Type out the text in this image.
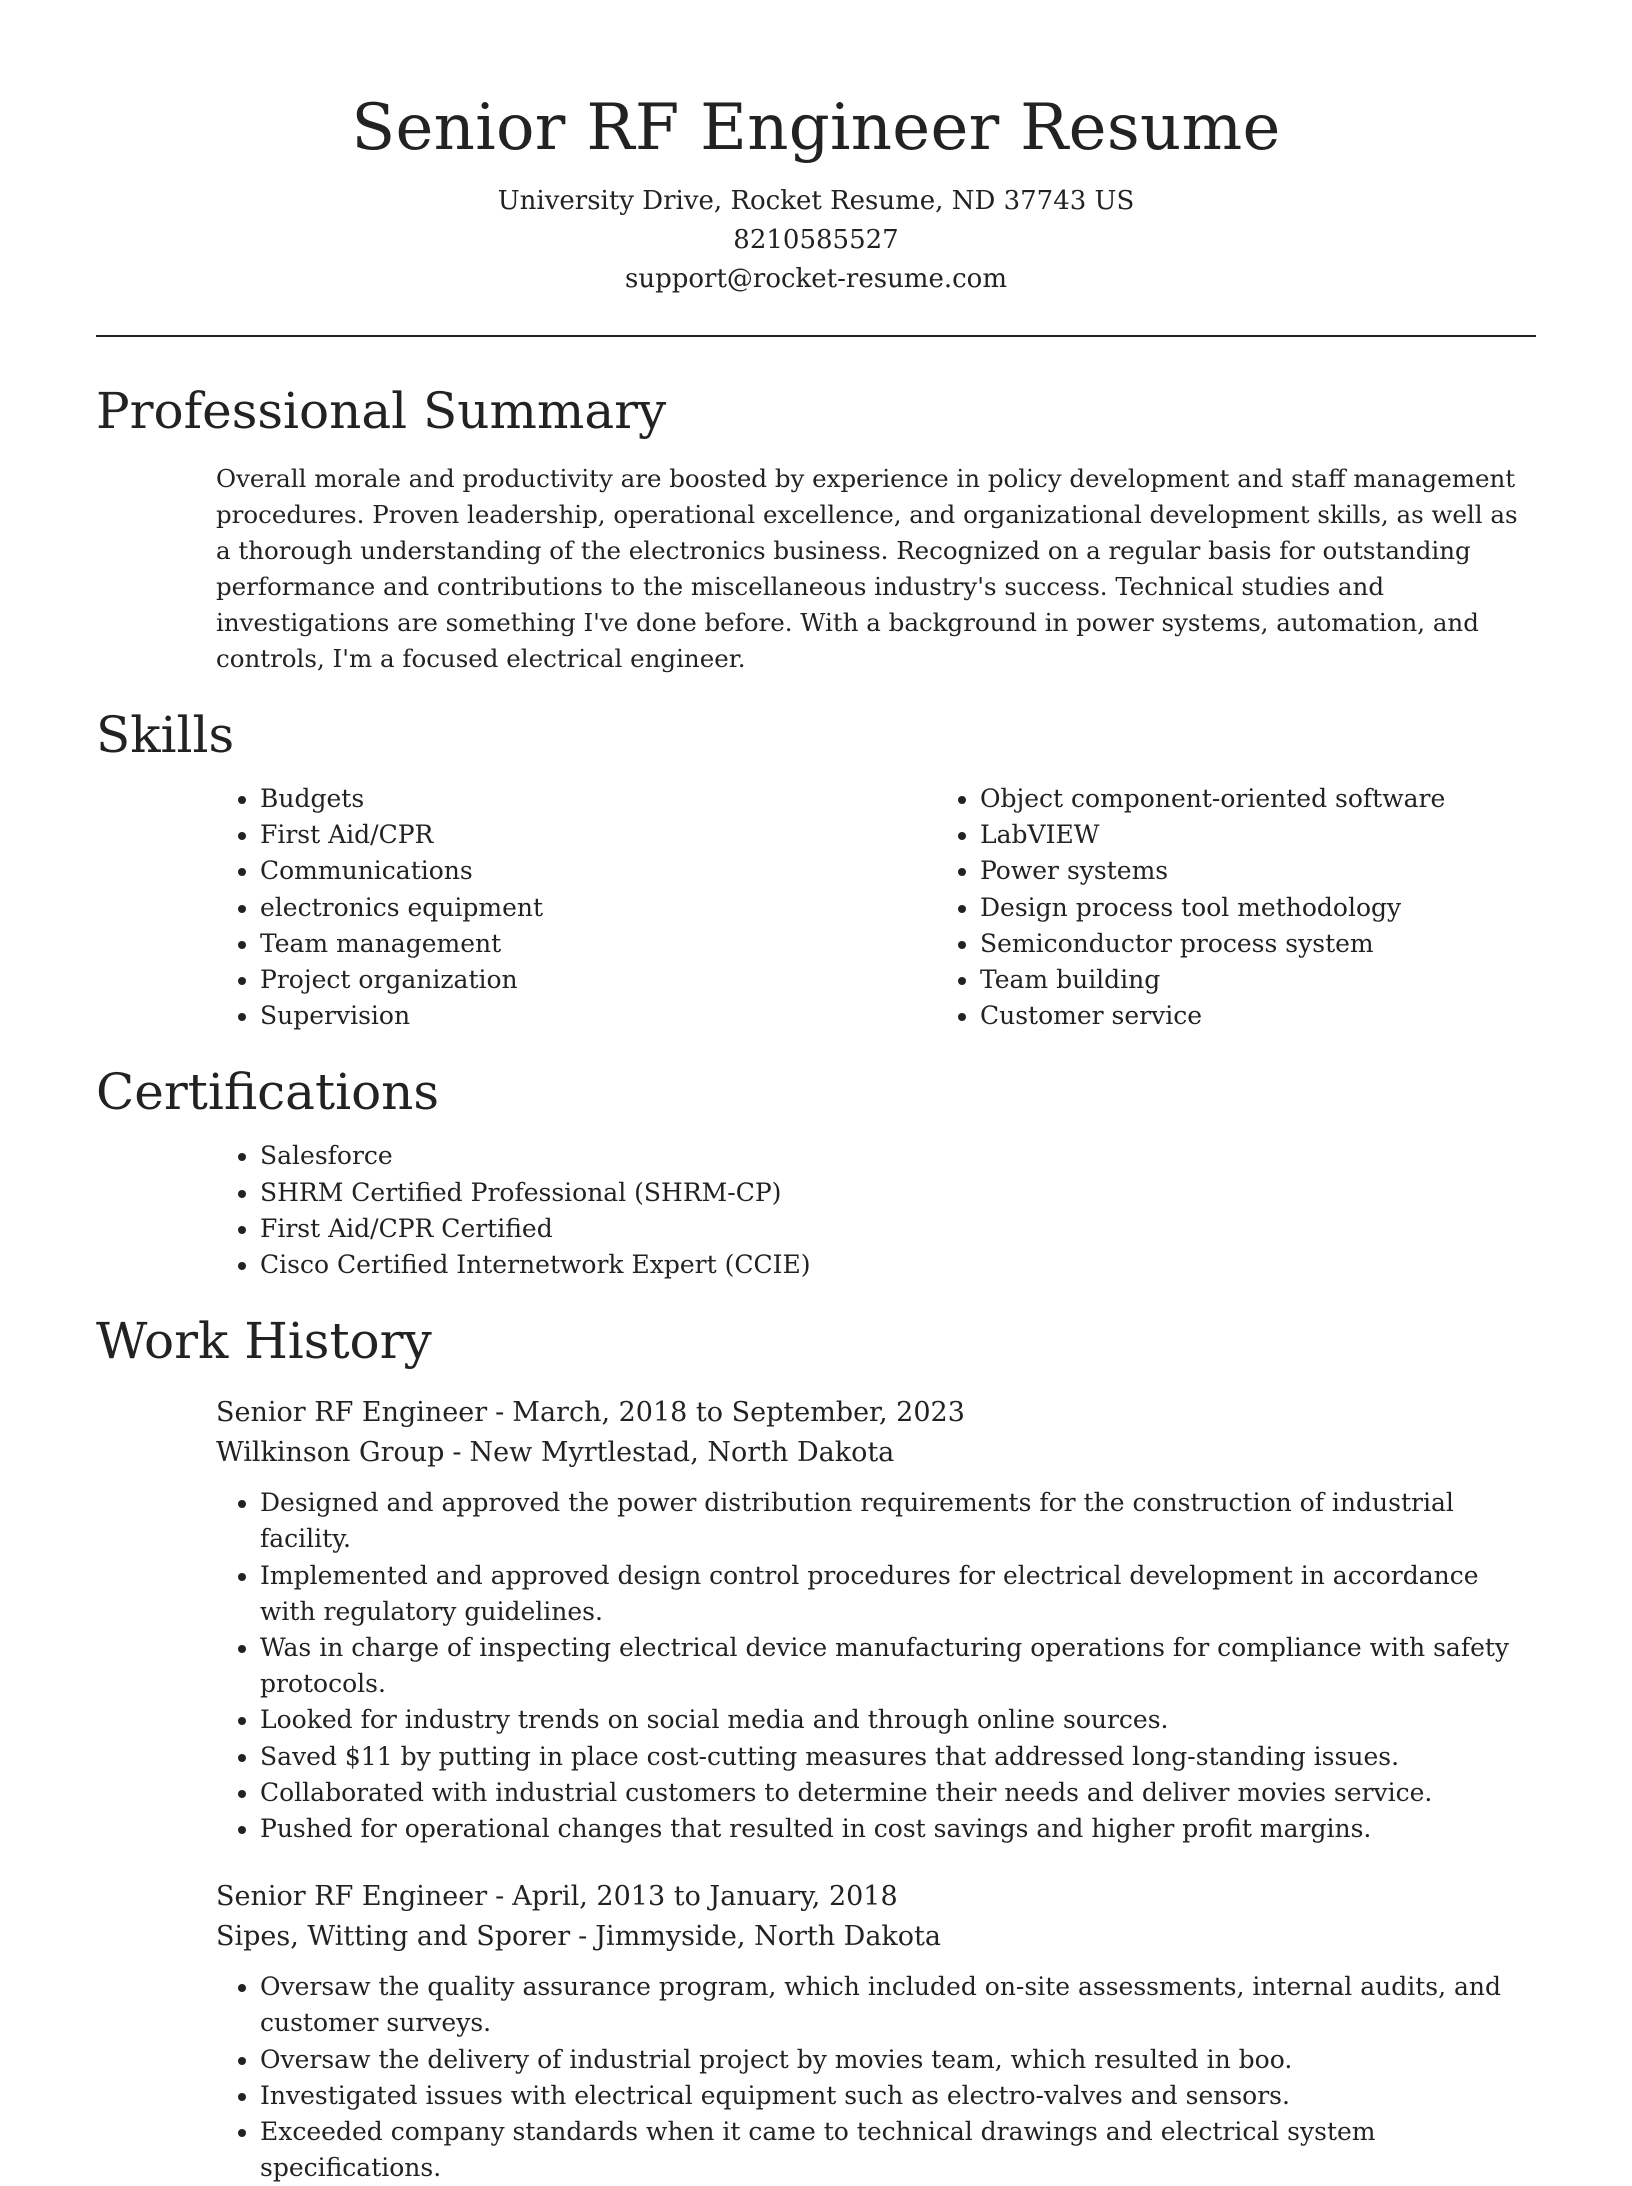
Senior RF Engineer Resume
University Drive, Rocket Resume, ND 37743 US
8210585527
support@rocket-resume.com
Professional Summary

Overall morale and productivity are boosted by experience in policy development and staff management procedures. Proven leadership, operational excellence, and organizational development skills, as well as a thorough understanding of the electronics business. Recognized on a regular basis for outstanding performance and contributions to the miscellaneous industry's success. Technical studies and investigations are something I've done before. With a background in power systems, automation, and controls, I'm a focused electrical engineer.

Skills
• Budgets
• First Aid/CPR
• Communications
• electronics equipment
• Team management
• Project organization
• Supervision
• Object component-oriented software
• LabVIEW
• Power systems
• Design process tool methodology
• Semiconductor process system
• Team building
• Customer service
Certifications
• Salesforce
• SHRM Certified Professional (SHRM-CP)
• First Aid/CPR Certified
• Cisco Certified Internetwork Expert (CCIE)
Work History
Senior RF Engineer - March, 2018 to September, 2023
Wilkinson Group - New Myrtlestad, North Dakota
• Designed and approved the power distribution requirements for the construction of industrial facility.
• Implemented and approved design control procedures for electrical development in accordance with regulatory guidelines.
• Was in charge of inspecting electrical device manufacturing operations for compliance with safety protocols.
• Looked for industry trends on social media and through online sources.
• Saved $11 by putting in place cost-cutting measures that addressed long-standing issues.
• Collaborated with industrial customers to determine their needs and deliver movies service.
• Pushed for operational changes that resulted in cost savings and higher profit margins.
Senior RF Engineer - April, 2013 to January, 2018
Sipes, Witting and Sporer - Jimmyside, North Dakota
• Oversaw the quality assurance program, which included on-site assessments, internal audits, and customer surveys.
• Oversaw the delivery of industrial project by movies team, which resulted in boo.
• Investigated issues with electrical equipment such as electro-valves and sensors.
• Exceeded company standards when it came to technical drawings and electrical system specifications.
